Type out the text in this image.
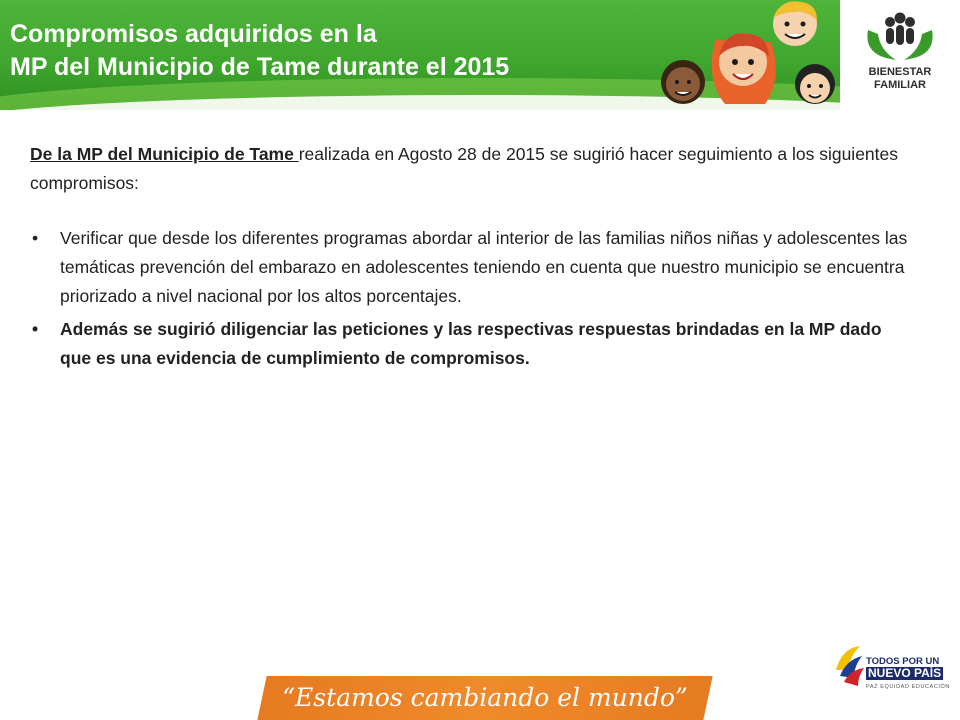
Compromisos adquiridos en la
MP del Municipio de Tame durante el 2015	BIENESTAR
FAMILIAR
De la MP del Municipio de Tame realizada en Agosto 28 de 2015 se sugirió hacer seguimiento a los siguientes compromisos:
• Verificar que desde los diferentes programas abordar al interior de las familias niños niñas y adolescentes las temáticas prevención del embarazo en adolescentes teniendo en cuenta que nuestro municipio se encuentra priorizado a nivel nacional por los altos porcentajes.
• Además se sugirió diligenciar las peticiones y las respectivas respuestas brindadas en la MP dado que es una evidencia de cumplimiento de compromisos.
“Estamos cambiando el mundo”
TODOS POR UN
NUEVO PAÍS
PAZ EQUIDAD EDUCACIÓN
